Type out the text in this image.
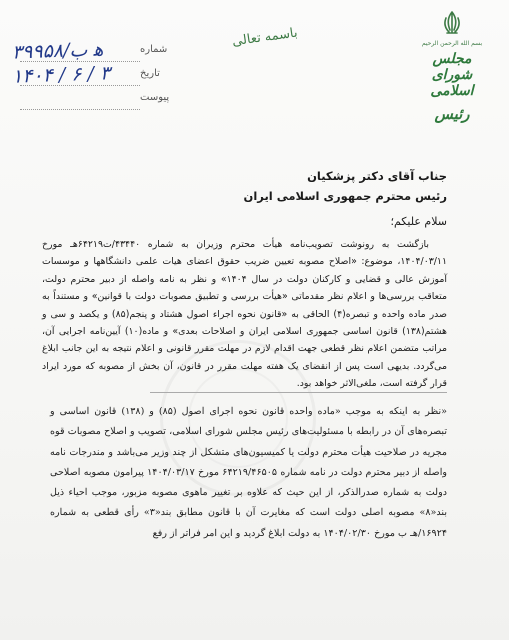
شماره
۳۹۹۵۸/ه‍ ب
تاریخ
۱۴۰۴ / ۶ / ۳
پیوست
باسمه تعالی	بسم الله الرحمن الرحیم
مجلس شورای اسلامی
رئیس
جناب آقای دکتر پزشکیان
رئیس محترم جمهوری اسلامی ایران
سلام علیکم؛

بازگشت به رونوشت تصویب‌نامه هیأت محترم وزیران به شماره ۴۳۴۴۰/ت۶۴۲۱۹هـ مورخ ۱۴۰۴/۰۳/۱۱، موضوع: «اصلاح مصوبه تعیین ضریب حقوق اعضای هیات علمی دانشگاهها و موسسات آموزش عالی و قضایی و کارکنان دولت در سال ۱۴۰۴» و نظر به نامه واصله از دبیر محترم دولت، متعاقب بررسی‌ها و اعلام نظر مقدماتی «هیأت بررسی و تطبیق مصوبات دولت با قوانین» و مستنداً به صدر ماده واحده و تبصره(۴) الحاقی به «قانون نحوه اجراء اصول هشتاد و پنجم(۸۵) و یکصد و سی و هشتم(۱۳۸) قانون اساسی جمهوری اسلامی ایران و اصلاحات بعدی» و ماده(۱۰) آیین‌نامه اجرایی آن، مراتب متضمن اعلام نظر قطعی جهت اقدام لازم در مهلت مقرر قانونی و اعلام نتیجه به این جانب ابلاغ می‌گردد. بدیهی است پس از انقضای یک هفته مهلت مقرر در قانون، آن بخش از مصوبه که مورد ایراد قرار گرفته است، ملغی‌الاثر خواهد بود.

«نظر به اینکه به موجب «ماده واحده قانون نحوه اجرای اصول (۸۵) و (۱۳۸) قانون اساسی و تبصره‌های آن در رابطه با مسئولیت‌های رئیس مجلس شورای اسلامی، تصویب و اصلاح مصوبات قوه مجریه در صلاحیت هیأت محترم دولت یا کمیسیون‌های متشکل از چند وزیر می‌باشد و مندرجات نامه واصله از دبیر محترم دولت در نامه شماره ۶۴۲۱۹/۴۶۵۰۵ مورخ ۱۴۰۴/۰۳/۱۷ پیرامون مصوبه اصلاحی دولت به شماره صدرالذکر، از این حیث که علاوه بر تغییر ماهوی مصوبه مزبور، موجب احیاء ذیل بند«۸» مصوبه اصلی دولت است که مغایرت آن با قانون مطابق بند«۳» رأی قطعی به شماره ۱۶۹۲۴/هـ ب مورخ ۱۴۰۴/۰۲/۳۰ به دولت ابلاغ گردید و این امر فراتر از رفع
